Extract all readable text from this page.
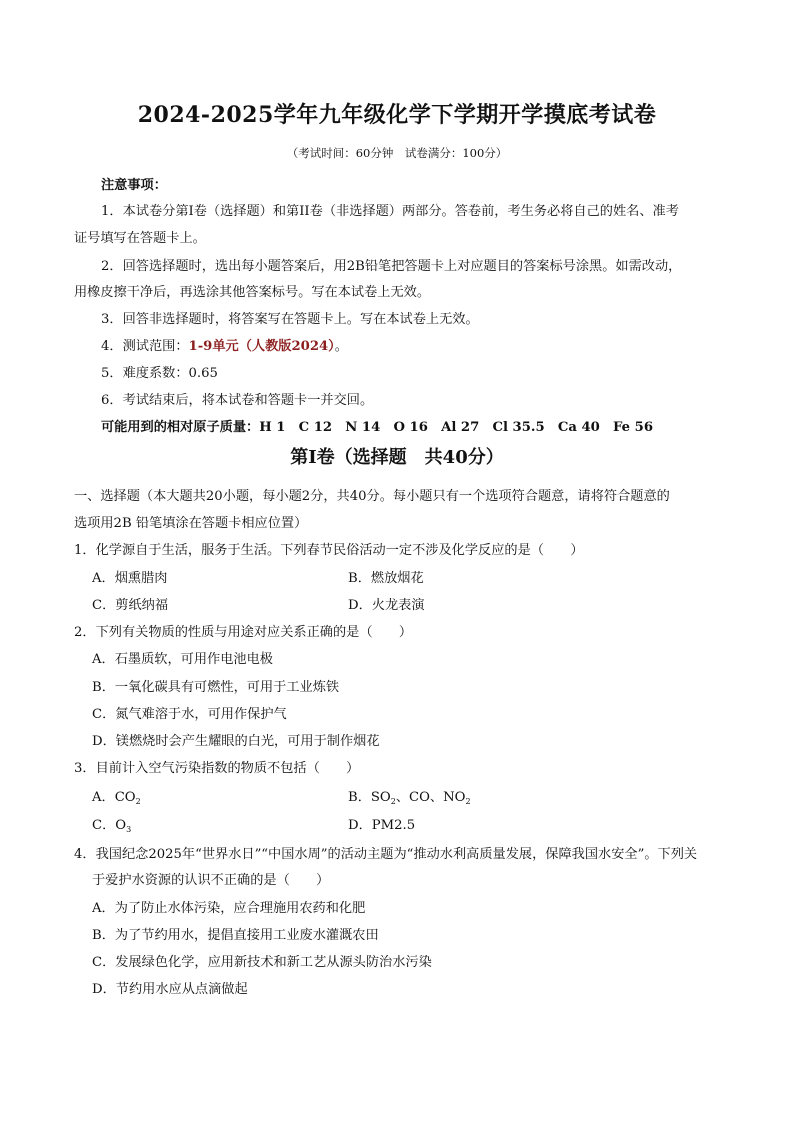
2024-2025学年九年级化学下学期开学摸底考试卷
（考试时间：60分钟　试卷满分：100分）
注意事项：
1．本试卷分第I卷（选择题）和第II卷（非选择题）两部分。答卷前，考生务必将自己的姓名、准考
证号填写在答题卡上。
2．回答选择题时，选出每小题答案后，用2B铅笔把答题卡上对应题目的答案标号涂黑。如需改动，
用橡皮擦干净后，再选涂其他答案标号。写在本试卷上无效。
3．回答非选择题时，将答案写在答题卡上。写在本试卷上无效。
4．测试范围：1-9单元（人教版2024）。
5．难度系数：0.65
6．考试结束后，将本试卷和答题卡一并交回。
可能用到的相对原子质量：H 1　C 12　N 14　O 16　Al 27　Cl 35.5　Ca 40　Fe 56
第I卷（选择题　共40分）
一、选择题（本大题共20小题，每小题2分，共40分。每小题只有一个选项符合题意，请将符合题意的
选项用2B 铅笔填涂在答题卡相应位置）
1．化学源自于生活，服务于生活。下列春节民俗活动一定不涉及化学反应的是（　　）
A．烟熏腊肉	B．燃放烟花
C．剪纸纳福	D．火龙表演
2．下列有关物质的性质与用途对应关系正确的是（　　）
A．石墨质软，可用作电池电极
B．一氧化碳具有可燃性，可用于工业炼铁
C．氮气难溶于水，可用作保护气
D．镁燃烧时会产生耀眼的白光，可用于制作烟花
3．目前计入空气污染指数的物质不包括（　　）
A．$CO_2$	B．$SO_2$、CO、$NO_2$
C．$O_3$	D．PM2.5
4．我国纪念2025年“世界水日”“中国水周”的活动主题为“推动水利高质量发展，保障我国水安全”。下列关
于爱护水资源的认识不正确的是（　　）
A．为了防止水体污染，应合理施用农药和化肥
B．为了节约用水，提倡直接用工业废水灌溉农田
C．发展绿色化学，应用新技术和新工艺从源头防治水污染
D．节约用水应从点滴做起
